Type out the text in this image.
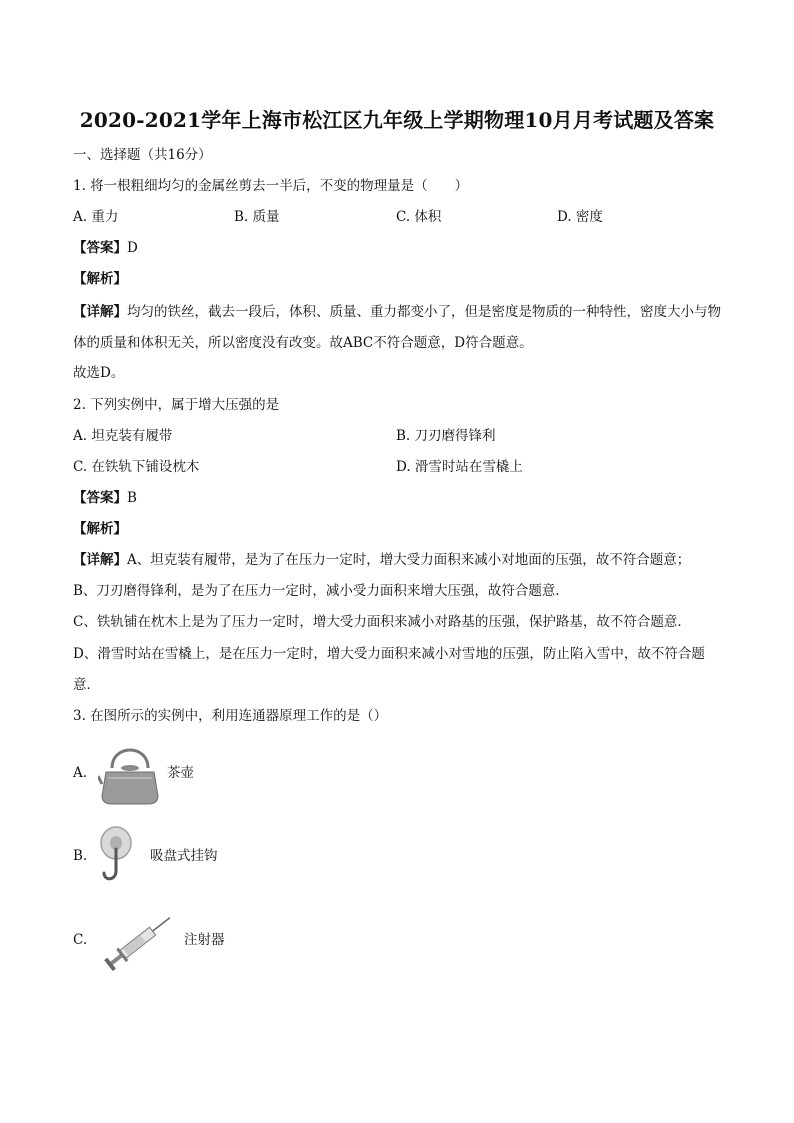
2020-2021学年上海市松江区九年级上学期物理10月月考试题及答案
一、选择题（共16分）
1. 将一根粗细均匀的金属丝剪去一半后，不变的物理量是（　　）
A. 重力	B. 质量	C. 体积	D. 密度
【答案】D
【解析】
【详解】均匀的铁丝，截去一段后，体积、质量、重力都变小了，但是密度是物质的一种特性，密度大小与物体的质量和体积无关，所以密度没有改变。故ABC不符合题意，D符合题意。
故选D。
2. 下列实例中，属于增大压强的是
A. 坦克装有履带	B. 刀刃磨得锋利
C. 在铁轨下铺设枕木	D. 滑雪时站在雪橇上
【答案】B
【解析】
【详解】A、坦克装有履带，是为了在压力一定时，增大受力面积来减小对地面的压强，故不符合题意；
B、刀刃磨得锋利，是为了在压力一定时，减小受力面积来增大压强，故符合题意．
C、铁轨铺在枕木上是为了压力一定时，增大受力面积来减小对路基的压强，保护路基，故不符合题意．
D、滑雪时站在雪橇上，是在压力一定时，增大受力面积来减小对雪地的压强，防止陷入雪中，故不符合题意．
3. 在图所示的实例中，利用连通器原理工作的是（）
A.	茶壶
B.	吸盘式挂钩
C.	注射器
